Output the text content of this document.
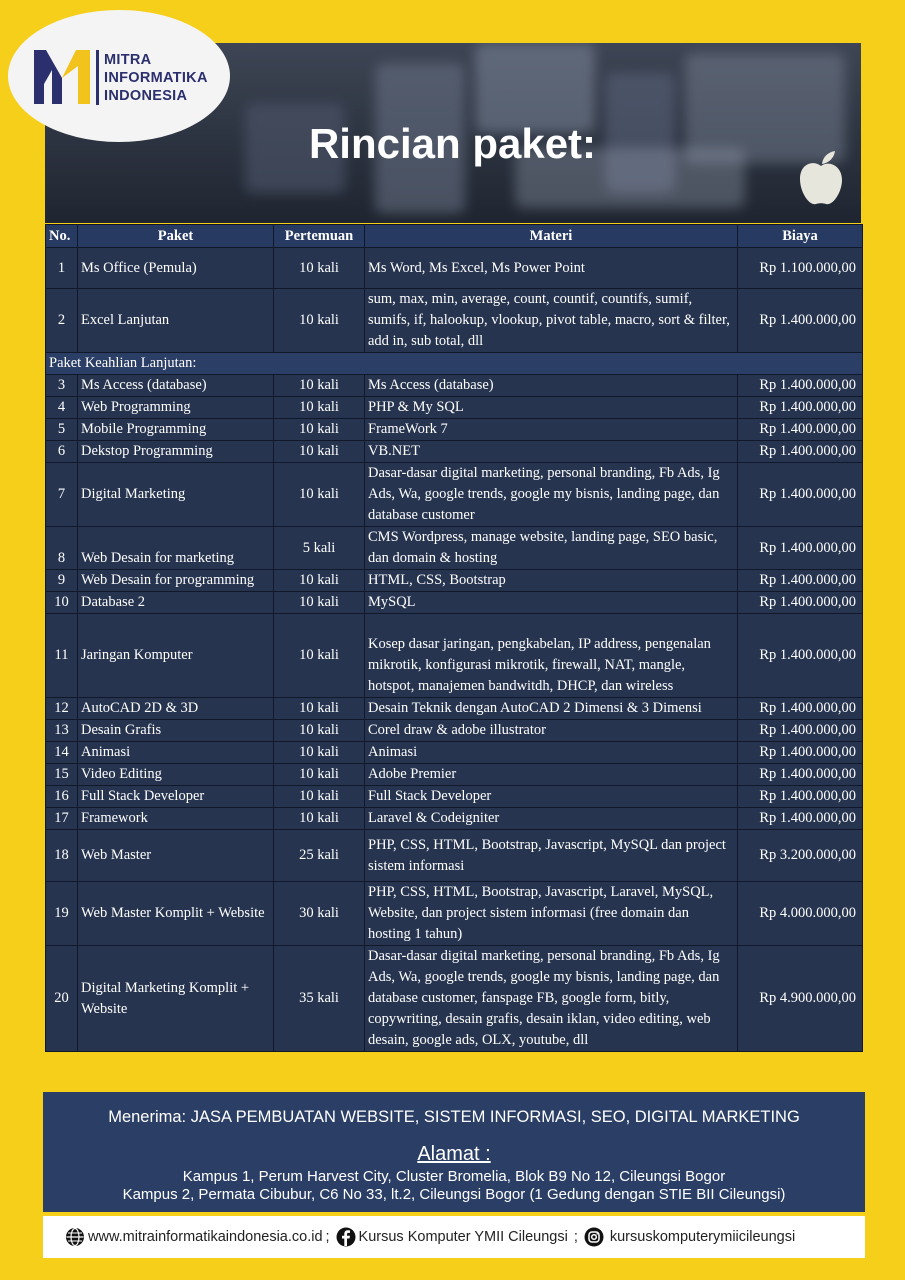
MITRA
INFORMATIKA
INDONESIA
Rincian paket:
No.	Paket	Pertemuan	Materi	Biaya
1	Ms Office (Pemula)	10 kali	Ms Word, Ms Excel, Ms Power Point	Rp 1.100.000,00
2	Excel Lanjutan	10 kali	sum, max, min, average, count, countif, countifs, sumif, sumifs, if, halookup, vlookup, pivot table, macro, sort & filter, add in, sub total, dll	Rp 1.400.000,00
Paket Keahlian Lanjutan:				
3	Ms Access (database)	10 kali	Ms Access (database)	Rp 1.400.000,00
4	Web Programming	10 kali	PHP & My SQL	Rp 1.400.000,00
5	Mobile Programming	10 kali	FrameWork 7	Rp 1.400.000,00
6	Dekstop Programming	10 kali	VB.NET	Rp 1.400.000,00
7	Digital Marketing	10 kali	Dasar-dasar digital marketing, personal branding, Fb Ads, Ig Ads, Wa, google trends, google my bisnis, landing page, dan database customer	Rp 1.400.000,00
8	Web Desain for marketing	5 kali	CMS Wordpress, manage website, landing page, SEO basic, dan domain & hosting	Rp 1.400.000,00
9	Web Desain for programming	10 kali	HTML, CSS, Bootstrap	Rp 1.400.000,00
10	Database 2	10 kali	MySQL	Rp 1.400.000,00
11	Jaringan Komputer	10 kali	Kosep dasar jaringan, pengkabelan, IP address, pengenalan mikrotik, konfigurasi mikrotik, firewall, NAT, mangle, hotspot, manajemen bandwitdh, DHCP, dan wireless	Rp 1.400.000,00
12	AutoCAD 2D & 3D	10 kali	Desain Teknik dengan AutoCAD 2 Dimensi & 3 Dimensi	Rp 1.400.000,00
13	Desain Grafis	10 kali	Corel draw & adobe illustrator	Rp 1.400.000,00
14	Animasi	10 kali	Animasi	Rp 1.400.000,00
15	Video Editing	10 kali	Adobe Premier	Rp 1.400.000,00
16	Full Stack Developer	10 kali	Full Stack Developer	Rp 1.400.000,00
17	Framework	10 kali	Laravel & Codeigniter	Rp 1.400.000,00
18	Web Master	25 kali	PHP, CSS, HTML, Bootstrap, Javascript, MySQL dan project sistem informasi	Rp 3.200.000,00
19	Web Master Komplit + Website	30 kali	PHP, CSS, HTML, Bootstrap, Javascript, Laravel, MySQL, Website, dan project sistem informasi (free domain dan hosting 1 tahun)	Rp 4.000.000,00
20	Digital Marketing Komplit + Website	35 kali	Dasar-dasar digital marketing, personal branding, Fb Ads, Ig Ads, Wa, google trends, google my bisnis, landing page, dan database customer, fanspage FB, google form, bitly, copywriting, desain grafis, desain iklan, video editing, web desain, google ads, OLX, youtube, dll	Rp 4.900.000,00
Menerima: JASA PEMBUATAN WEBSITE, SISTEM INFORMASI, SEO, DIGITAL MARKETING
Alamat :
Kampus 1, Perum Harvest City, Cluster Bromelia, Blok B9 No 12, Cileungsi Bogor
Kampus 2, Permata Cibubur, C6 No 33, lt.2, Cileungsi Bogor (1 Gedung dengan STIE BII Cileungsi)
www.mitrainformatikaindonesia.co.id ; Kursus Komputer YMII Cileungsi ; kursuskomputerymiicileungsi
